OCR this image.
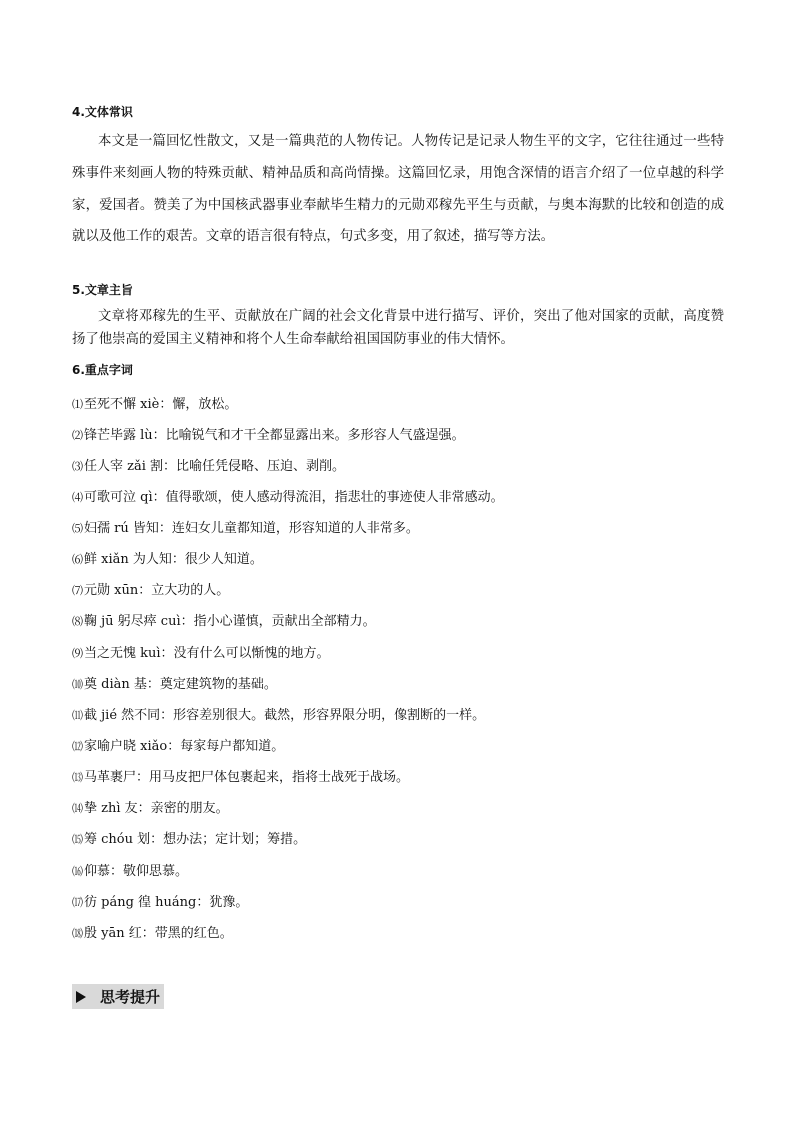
4.文体常识

本文是一篇回忆性散文，又是一篇典范的人物传记。人物传记是记录人物生平的文字，它往往通过一些特殊事件来刻画人物的特殊贡献、精神品质和高尚情操。这篇回忆录，用饱含深情的语言介绍了一位卓越的科学家，爱国者。赞美了为中国核武器事业奉献毕生精力的元勋邓稼先平生与贡献，与奥本海默的比较和创造的成就以及他工作的艰苦。文章的语言很有特点，句式多变，用了叙述，描写等方法。

5.文章主旨

文章将邓稼先的生平、贡献放在广阔的社会文化背景中进行描写、评价，突出了他对国家的贡献，高度赞扬了他崇高的爱国主义精神和将个人生命奉献给祖国国防事业的伟大情怀。

6.重点字词
⑴至死不懈 xiè：懈，放松。
⑵锋芒毕露 lù：比喻锐气和才干全都显露出来。多形容人气盛逞强。
⑶任人宰 zǎi 割：比喻任凭侵略、压迫、剥削。
⑷可歌可泣 qì：值得歌颂，使人感动得流泪，指悲壮的事迹使人非常感动。
⑸妇孺 rú 皆知：连妇女儿童都知道，形容知道的人非常多。
⑹鲜 xiǎn 为人知：很少人知道。
⑺元勋 xūn：立大功的人。
⑻鞠 jū 躬尽瘁 cuì：指小心谨慎，贡献出全部精力。
⑼当之无愧 kuì：没有什么可以惭愧的地方。
⑽奠 diàn 基：奠定建筑物的基础。
⑾截 jié 然不同：形容差别很大。截然，形容界限分明，像割断的一样。
⑿家喻户晓 xiǎo：每家每户都知道。
⒀马革裹尸：用马皮把尸体包裹起来，指将士战死于战场。
⒁挚 zhì 友：亲密的朋友。
⒂筹 chóu 划：想办法；定计划；筹措。
⒃仰慕：敬仰思慕。
⒄彷 páng 徨 huáng：犹豫。
⒅殷 yān 红：带黑的红色。
思考提升
